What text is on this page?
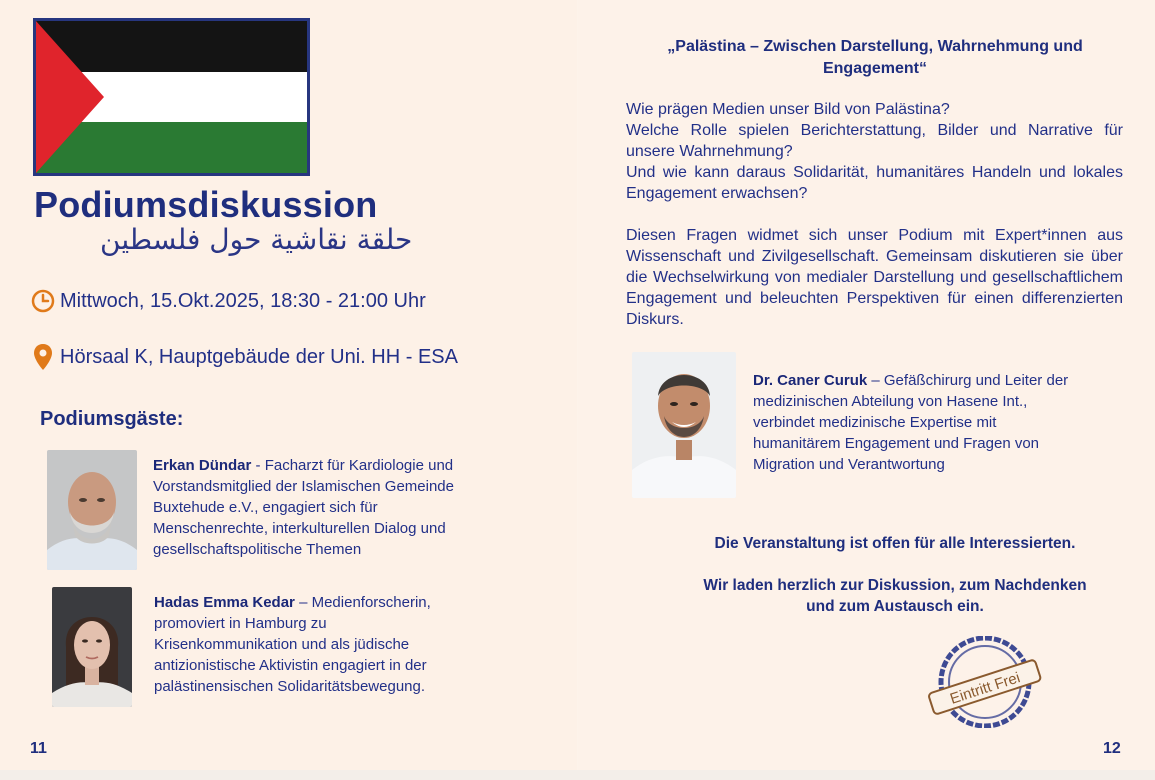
Podiumsdiskussion
حلقة نقاشية حول فلسطين
Mittwoch, 15.Okt.2025, 18:30 - 21:00 Uhr
Hörsaal K, Hauptgebäude der Uni. HH - ESA
Podiumsgäste:
Erkan Dündar - Facharzt für Kardiologie und
Vorstandsmitglied der Islamischen Gemeinde
Buxtehude e.V., engagiert sich für
Menschenrechte, interkulturellen Dialog und
gesellschaftspolitische Themen
Hadas Emma Kedar – Medienforscherin,
promoviert in Hamburg zu
Krisenkommunikation und als jüdische
antizionistische Aktivistin engagiert in der
palästinensischen Solidaritätsbewegung.
11
„Palästina – Zwischen Darstellung, Wahrnehmung und
Engagement“

Wie prägen Medien unser Bild von Palästina?

Welche Rolle spielen Berichterstattung, Bilder und Narrative für unsere Wahrnehmung?

Und wie kann daraus Solidarität, humanitäres Handeln und lokales Engagement erwachsen?

Diesen Fragen widmet sich unser Podium mit Expert*innen aus Wissenschaft und Zivilgesellschaft. Gemeinsam diskutieren sie über die Wechselwirkung von medialer Darstellung und gesellschaftlichem Engagement und beleuchten Perspektiven für einen differenzierten Diskurs.

Dr. Caner Curuk – Gefäßchirurg und Leiter der
medizinischen Abteilung von Hasene Int.,
verbindet medizinische Expertise mit
humanitärem Engagement und Fragen von
Migration und Verantwortung
Die Veranstaltung ist offen für alle Interessierten.
Wir laden herzlich zur Diskussion, zum Nachdenken
und zum Austausch ein.
Eintritt Frei
12
